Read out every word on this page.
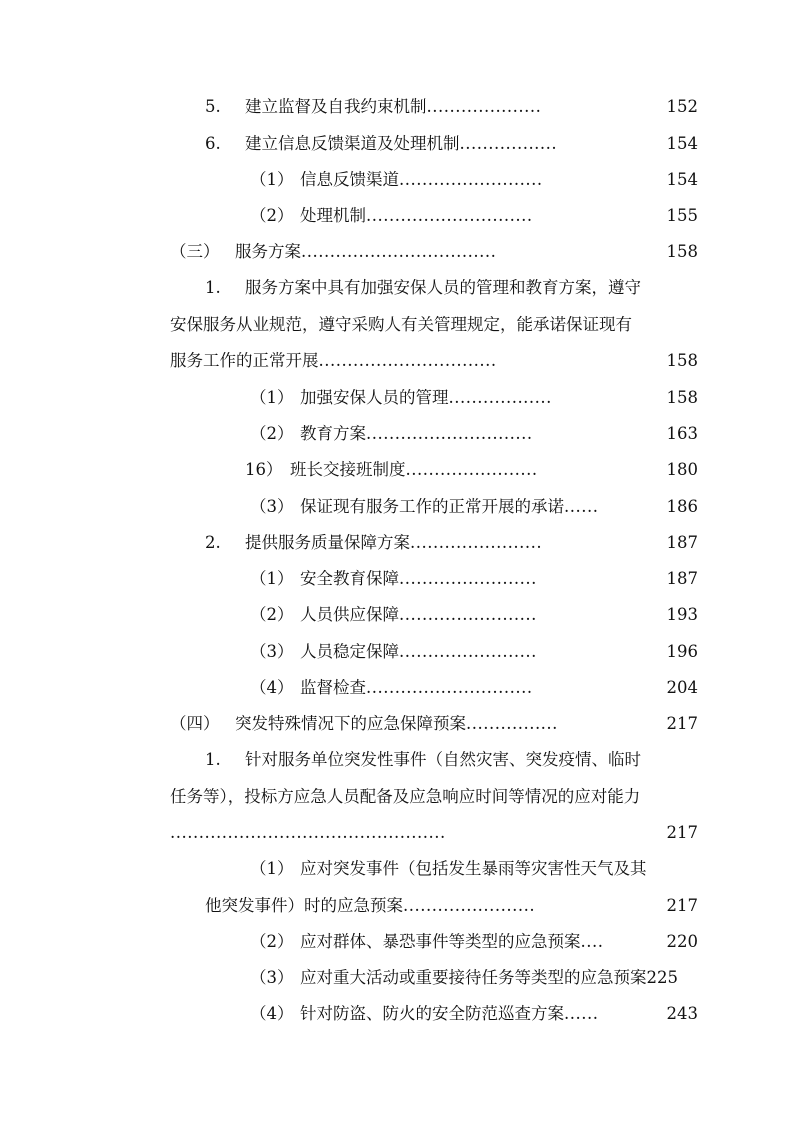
5. 建立监督及自我约束机制....................	152
6. 建立信息反馈渠道及处理机制.................	154
（1） 信息反馈渠道.........................	154
（2） 处理机制.............................	155
（三） 服务方案..................................	158
1. 服务方案中具有加强安保人员的管理和教育方案，遵守
安保服务从业规范，遵守采购人有关管理规定，能承诺保证现有
服务工作的正常开展...............................	158
（1） 加强安保人员的管理..................	158
（2） 教育方案.............................	163
16） 班长交接班制度.......................	180
（3） 保证现有服务工作的正常开展的承诺......	186
2. 提供服务质量保障方案.......................	187
（1） 安全教育保障........................	187
（2） 人员供应保障........................	193
（3） 人员稳定保障........................	196
（4） 监督检查.............................	204
（四） 突发特殊情况下的应急保障预案................	217
1. 针对服务单位突发性事件（自然灾害、突发疫情、临时
任务等），投标方应急人员配备及应急响应时间等情况的应对能力
................................................	217
（1） 应对突发事件（包括发生暴雨等灾害性天气及其
他突发事件）时的应急预案.......................	217
（2） 应对群体、暴恐事件等类型的应急预案....	220
（3） 应对重大活动或重要接待任务等类型的应急预案225
（4） 针对防盗、防火的安全防范巡查方案......	243
